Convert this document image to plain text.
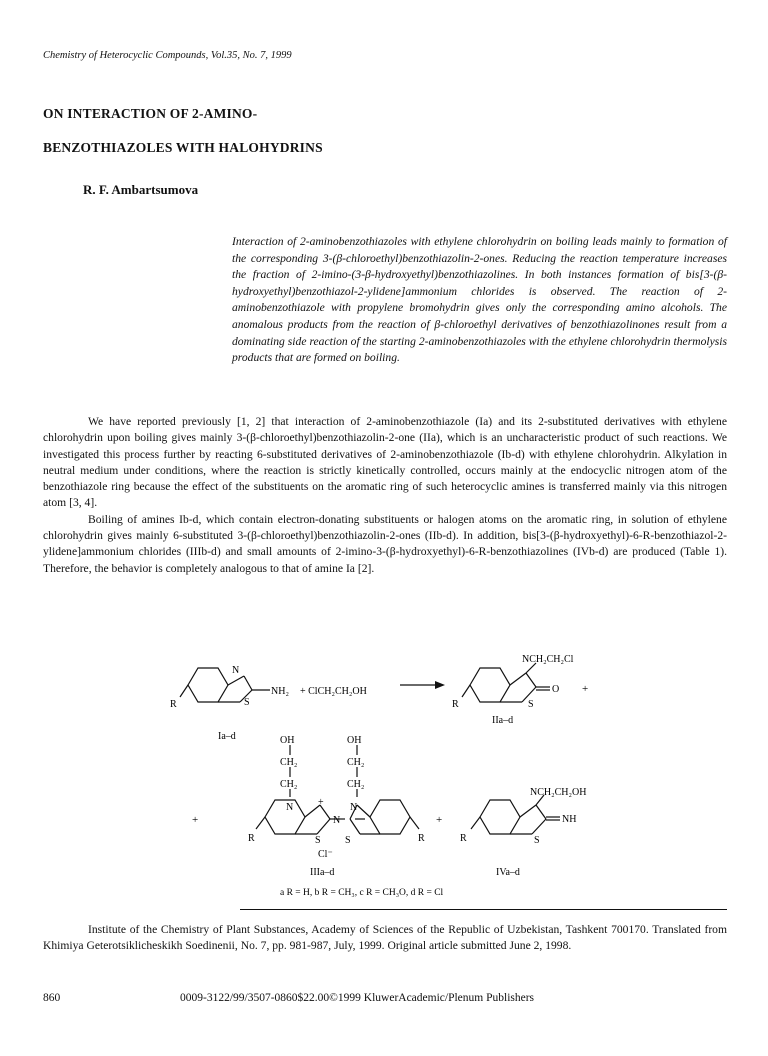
Chemistry of Heterocyclic Compounds, Vol.35, No. 7, 1999
ON INTERACTION OF 2-AMINO-
BENZOTHIAZOLES WITH HALOHYDRINS
R. F. Ambartsumova

Interaction of 2-aminobenzothiazoles with ethylene chlorohydrin on boiling leads mainly to formation of the corresponding 3-(β-chloroethyl)benzothiazolin-2-ones. Reducing the reaction temperature increases the fraction of 2-imino-(3-β-hydroxyethyl)benzothiazolines. In both instances formation of bis[3-(β-hydroxyethyl)benzothiazol-2-ylidene]ammonium chlorides is observed. The reaction of 2-aminobenzothiazole with propylene bromohydrin gives only the corresponding amino alcohols. The anomalous products from the reaction of β-chloroethyl derivatives of benzothiazolinones result from a dominating side reaction of the starting 2-aminobenzothiazoles with the ethylene chlorohydrin thermolysis products that are formed on boiling.

We have reported previously [1, 2] that interaction of 2-aminobenzothiazole (Ia) and its 2-substituted derivatives with ethylene chlorohydrin upon boiling gives mainly 3-(β-chloroethyl)benzothiazolin-2-one (IIa), which is an uncharacteristic product of such reactions. We investigated this process further by reacting 6-substituted derivatives of 2-aminobenzothiazole (Ib-d) with ethylene chlorohydrin. Alkylation in neutral medium under conditions, where the reaction is strictly kinetically controlled, occurs mainly at the endocyclic nitrogen atom of the benzothiazole ring because the effect of the substituents on the aromatic ring of such heterocyclic amines is transferred mainly via this nitrogen atom [3, 4].

Boiling of amines Ib-d, which contain electron-donating substituents or halogen atoms on the aromatic ring, in solution of ethylene chlorohydrin gives mainly 6-substituted 3-(β-chloroethyl)benzothiazolin-2-ones (IIb-d). In addition, bis[3-(β-hydroxyethyl)-6-R-benzothiazol-2-ylidene]ammonium chlorides (IIIb-d) and small amounts of 2-imino-3-(β-hydroxyethyl)-6-R-benzothiazolines (IVb-d) are produced (Table 1). Therefore, the behavior is completely analogous to that of amine Ia [2].

N
S
NH₂ + ClCH₂CH₂OH
R
Ia–d
NCH₂CH₂Cl
O +
S
R
IIa–d
OH	OH
CH₂	CH₂
CH₂	CH₂
N	N
+
N
S S
Cl⁻
+
R	R
IIIa–d
+
NCH₂CH₂OH
NH
S
R
IVa–d
a R = H, b R = CH₃, c R = CH₃O, d R = Cl
Institute of the Chemistry of Plant Substances, Academy of Sciences of the Republic of Uzbekistan, Tashkent 700170. Translated from Khimiya Geterotsiklicheskikh Soedinenii, No. 7, pp. 981-987, July, 1999. Original article submitted June 2, 1998.
860	0009-3122/99/3507-0860$22.00©1999 KluwerAcademic/Plenum Publishers
